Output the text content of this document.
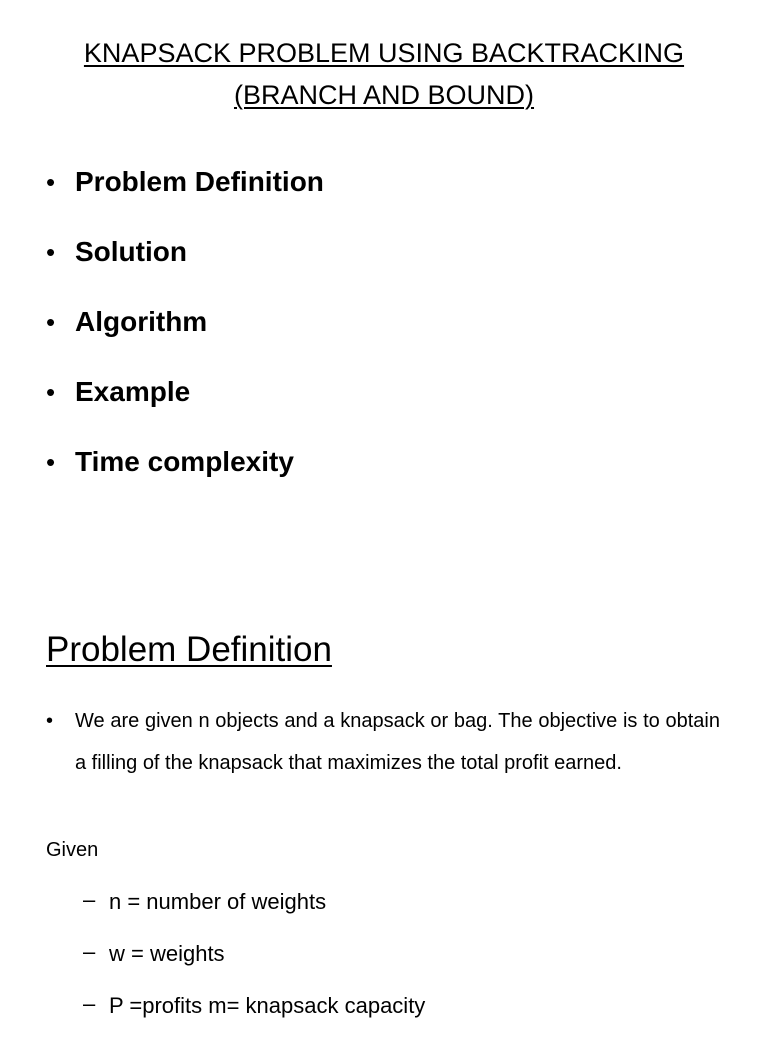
KNAPSACK PROBLEM USING BACKTRACKING
(BRANCH AND BOUND)
• Problem Definition
• Solution
• Algorithm
• Example
• Time complexity
Problem Definition
• We are given n objects and a knapsack or bag. The objective is to obtain a filling of the knapsack that maximizes the total profit earned.
Given
– n = number of weights
– w = weights
– P =profits m= knapsack capacity
